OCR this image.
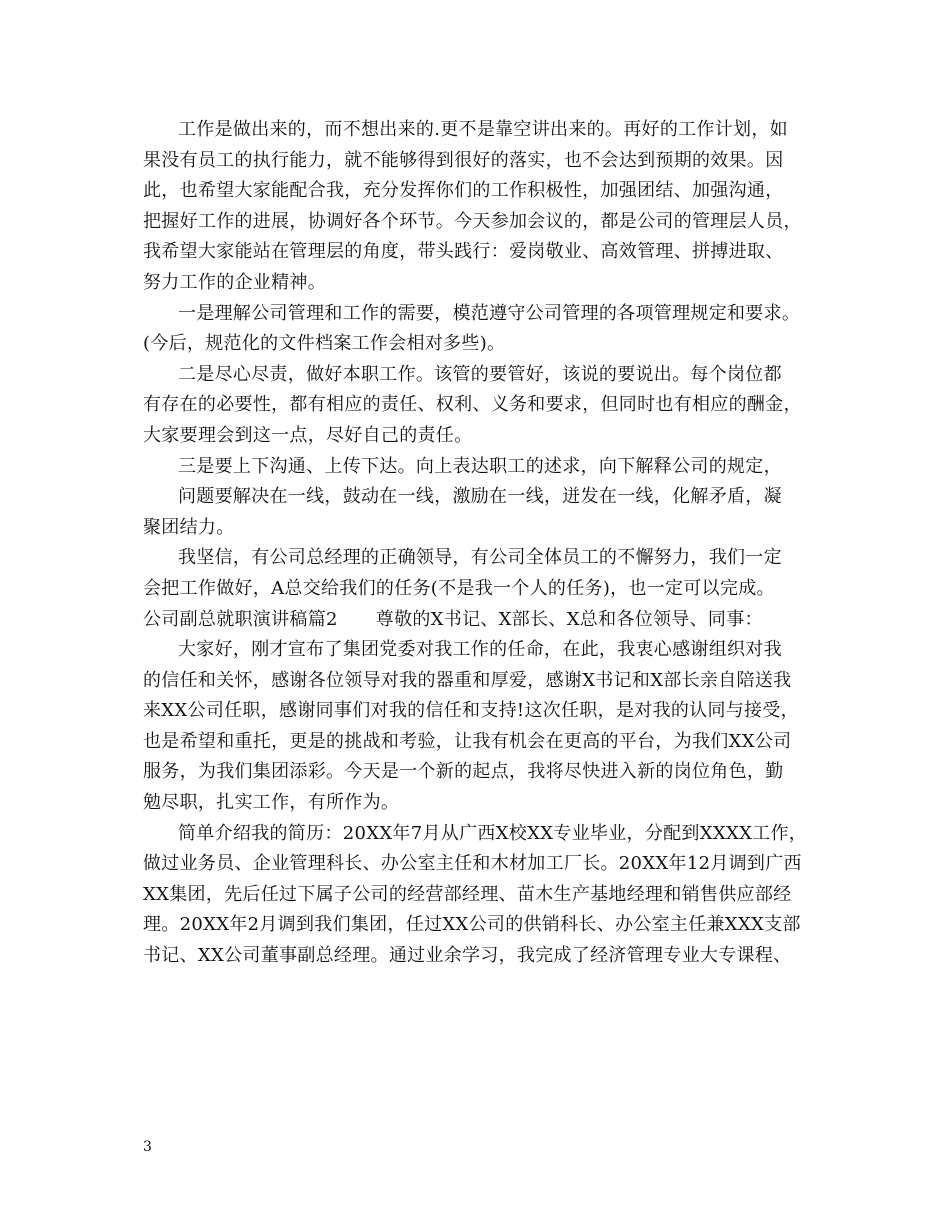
工作是做出来的，而不想出来的.更不是靠空讲出来的。再好的工作计划，如
果没有员工的执行能力，就不能够得到很好的落实，也不会达到预期的效果。因
此，也希望大家能配合我，充分发挥你们的工作积极性，加强团结、加强沟通，
把握好工作的进展，协调好各个环节。今天参加会议的，都是公司的管理层人员，
我希望大家能站在管理层的角度，带头践行：爱岗敬业、高效管理、拼搏进取、
努力工作的企业精神。
一是理解公司管理和工作的需要，模范遵守公司管理的各项管理规定和要求。
(今后，规范化的文件档案工作会相对多些)。
二是尽心尽责，做好本职工作。该管的要管好，该说的要说出。每个岗位都
有存在的必要性，都有相应的责任、权利、义务和要求，但同时也有相应的酬金，
大家要理会到这一点，尽好自己的责任。
三是要上下沟通、上传下达。向上表达职工的述求，向下解释公司的规定，
问题要解决在一线，鼓动在一线，激励在一线，迸发在一线，化解矛盾，凝
聚团结力。
我坚信，有公司总经理的正确领导，有公司全体员工的不懈努力，我们一定
会把工作做好，A总交给我们的任务(不是我一个人的任务)，也一定可以完成。
公司副总就职演讲稿篇2 尊敬的X书记、X部长、X总和各位领导、同事：
大家好，刚才宣布了集团党委对我工作的任命，在此，我衷心感谢组织对我
的信任和关怀，感谢各位领导对我的器重和厚爱，感谢X书记和X部长亲自陪送我
来XX公司任职，感谢同事们对我的信任和支持!这次任职，是对我的认同与接受，
也是希望和重托，更是的挑战和考验，让我有机会在更高的平台，为我们XX公司
服务，为我们集团添彩。今天是一个新的起点，我将尽快进入新的岗位角色，勤
勉尽职，扎实工作，有所作为。
简单介绍我的简历：20XX年7月从广西X校XX专业毕业，分配到XXXX工作，
做过业务员、企业管理科长、办公室主任和木材加工厂长。20XX年12月调到广西
XX集团，先后任过下属子公司的经营部经理、苗木生产基地经理和销售供应部经
理。20XX年2月调到我们集团，任过XX公司的供销科长、办公室主任兼XXX支部
书记、XX公司董事副总经理。通过业余学习，我完成了经济管理专业大专课程、
3
